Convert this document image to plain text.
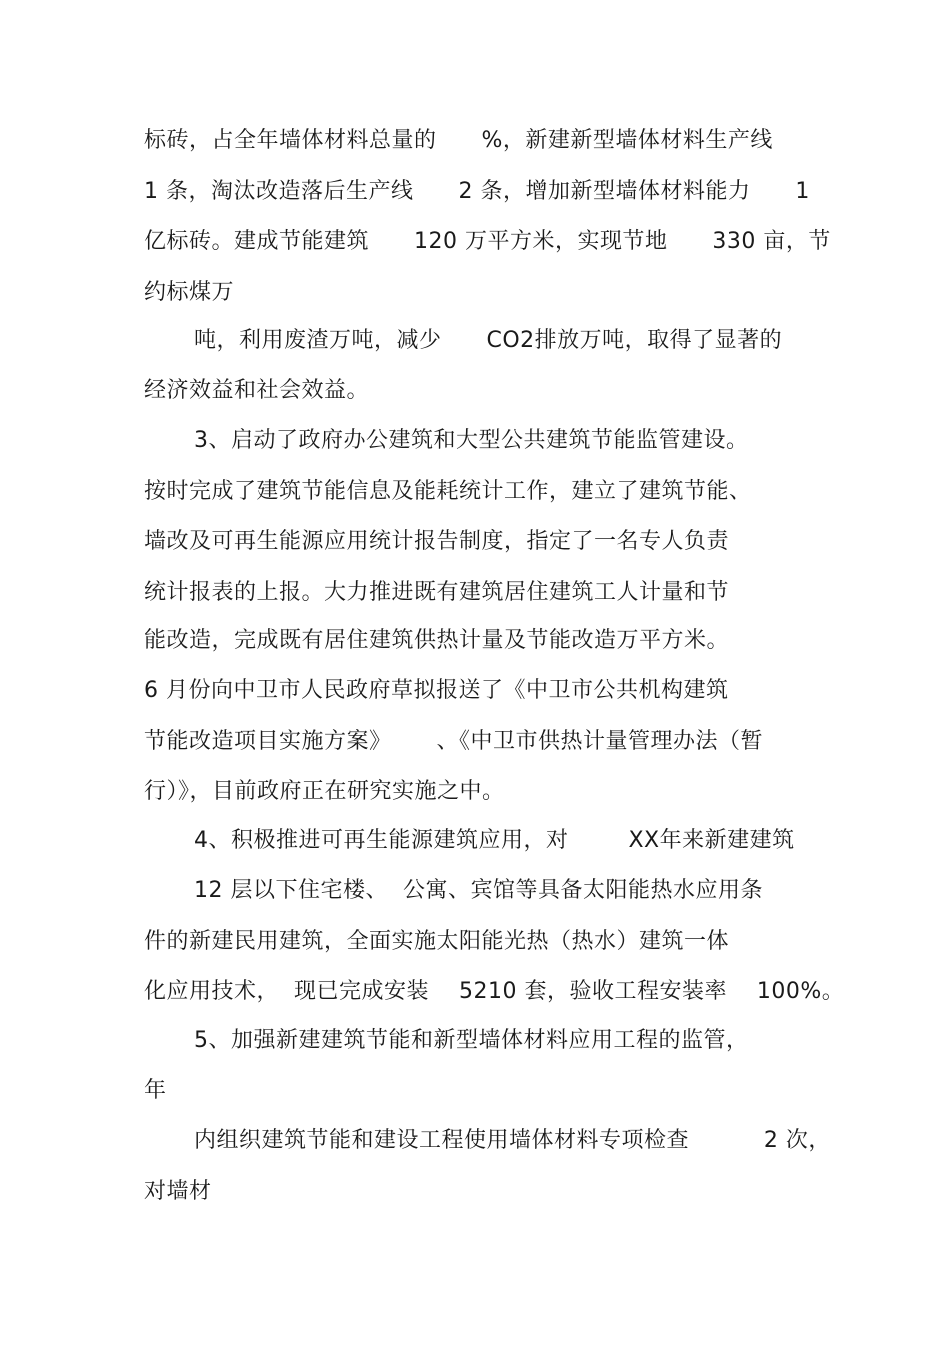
标砖，占全年墙体材料总量的      %，新建新型墙体材料生产线
1 条，淘汰改造落后生产线      2 条，增加新型墙体材料能力      1
亿标砖。建成节能建筑      120 万平方米，实现节地      330 亩，节
约标煤万
吨，利用废渣万吨，减少      CO2排放万吨，取得了显著的
经济效益和社会效益。
3、启动了政府办公建筑和大型公共建筑节能监管建设。
按时完成了建筑节能信息及能耗统计工作，建立了建筑节能、
墙改及可再生能源应用统计报告制度，指定了一名专人负责
统计报表的上报。大力推进既有建筑居住建筑工人计量和节
能改造，完成既有居住建筑供热计量及节能改造万平方米。
6 月份向中卫市人民政府草拟报送了《中卫市公共机构建筑
节能改造项目实施方案》      、《中卫市供热计量管理办法（暂
行）》，目前政府正在研究实施之中。
4、积极推进可再生能源建筑应用，对        XX年来新建建筑
12 层以下住宅楼、  公寓、宾馆等具备太阳能热水应用条
件的新建民用建筑，全面实施太阳能光热（热水）建筑一体
化应用技术，  现已完成安装    5210 套，验收工程安装率    100%。
5、加强新建建筑节能和新型墙体材料应用工程的监管，
年
内组织建筑节能和建设工程使用墙体材料专项检查          2 次，
对墙材
